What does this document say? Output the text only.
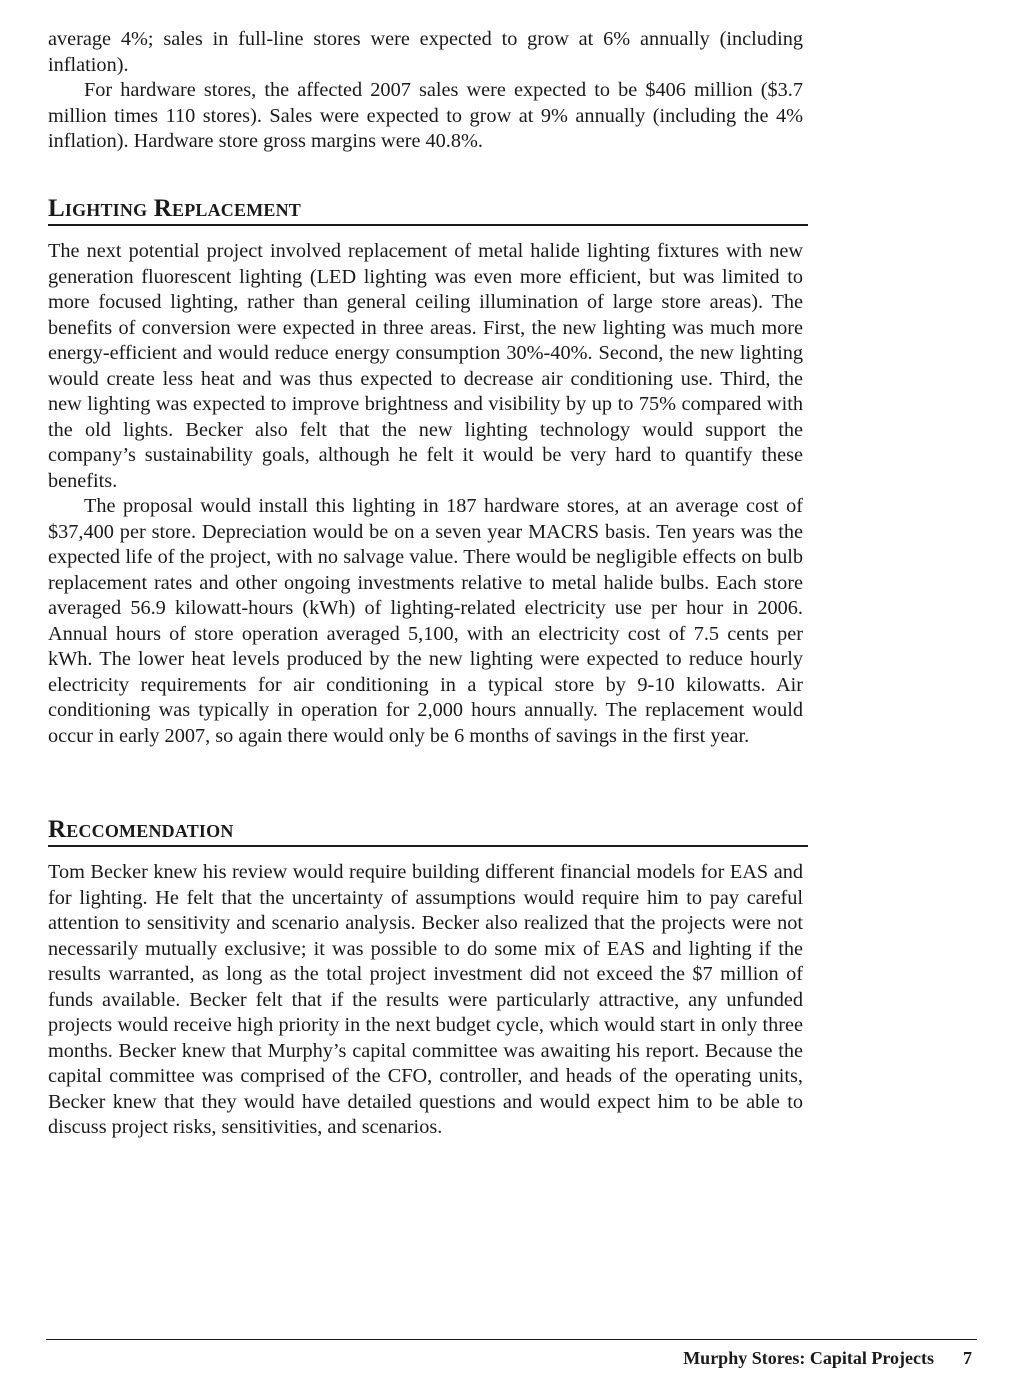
average 4%; sales in full-line stores were expected to grow at 6% annually (including inflation).

For hardware stores, the affected 2007 sales were expected to be $406 million ($3.7 million times 110 stores). Sales were expected to grow at 9% annually (including the 4% inflation). Hardware store gross margins were 40.8%.

Lighting Replacement

The next potential project involved replacement of metal halide lighting fixtures with new generation fluorescent lighting (LED lighting was even more efficient, but was limited to more focused lighting, rather than general ceiling illumination of large store areas). The benefits of conversion were expected in three areas. First, the new lighting was much more energy-efficient and would reduce energy consumption 30%-40%. Second, the new lighting would create less heat and was thus expected to decrease air conditioning use. Third, the new lighting was expected to improve brightness and visibility by up to 75% compared with the old lights. Becker also felt that the new lighting technology would support the company’s sustainability goals, although he felt it would be very hard to quantify these benefits.

The proposal would install this lighting in 187 hardware stores, at an average cost of $37,400 per store. Depreciation would be on a seven year MACRS basis. Ten years was the expected life of the project, with no salvage value. There would be negligible effects on bulb replacement rates and other ongoing investments relative to metal halide bulbs. Each store averaged 56.9 kilowatt-hours (kWh) of lighting-related electricity use per hour in 2006. Annual hours of store operation averaged 5,100, with an electricity cost of 7.5 cents per kWh. The lower heat levels produced by the new lighting were expected to reduce hourly electricity requirements for air conditioning in a typical store by 9-10 kilowatts. Air conditioning was typically in operation for 2,000 hours annually. The replacement would occur in early 2007, so again there would only be 6 months of savings in the first year.

Reccomendation

Tom Becker knew his review would require building different financial models for EAS and for lighting. He felt that the uncertainty of assumptions would require him to pay careful attention to sensitivity and scenario analysis. Becker also realized that the projects were not necessarily mutually exclusive; it was possible to do some mix of EAS and lighting if the results warranted, as long as the total project investment did not exceed the $7 million of funds available. Becker felt that if the results were particularly attractive, any unfunded projects would receive high priority in the next budget cycle, which would start in only three months. Becker knew that Murphy’s capital committee was awaiting his report. Because the capital committee was comprised of the CFO, controller, and heads of the operating units, Becker knew that they would have detailed questions and would expect him to be able to discuss project risks, sensitivities, and scenarios.

Murphy Stores: Capital Projects 7
